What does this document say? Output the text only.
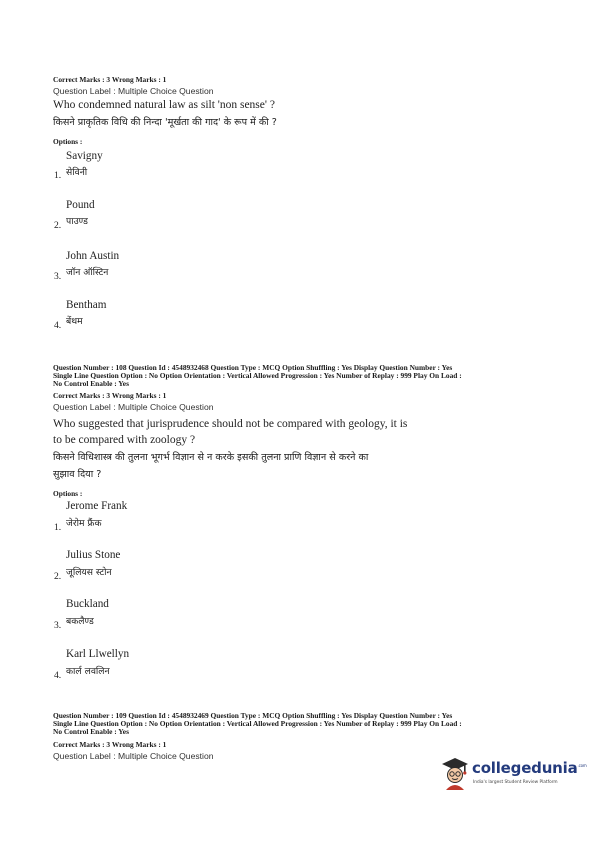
Correct Marks : 3 Wrong Marks : 1
Question Label : Multiple Choice Question
Who condemned natural law as silt 'non sense' ?
किसने प्राकृतिक विधि की निन्दा 'मूर्खता की गाद' के रूप में की ?
Options :
Savigny
1. सेविनी
Pound
2. पाउण्ड
John Austin
3. जॉन ऑस्टिन
Bentham
4. बेंथम
Question Number : 108 Question Id : 4548932468 Question Type : MCQ Option Shuffling : Yes Display Question Number : Yes
Single Line Question Option : No Option Orientation : Vertical Allowed Progression : Yes Number of Replay : 999 Play On Load :
No Control Enable : Yes
Correct Marks : 3 Wrong Marks : 1
Question Label : Multiple Choice Question
Who suggested that jurisprudence should not be compared with geology, it is
to be compared with zoology ?
किसने विधिशास्त्र की तुलना भूगर्भ विज्ञान से न करके इसकी तुलना प्राणि विज्ञान से करने का
सुझाव दिया ?
Options :
Jerome Frank
1. जेरोम फ्रैंक
Julius Stone
2. जूलियस स्टोन
Buckland
3. बकलैण्ड
Karl Llwellyn
4. कार्ल लवलिन
Question Number : 109 Question Id : 4548932469 Question Type : MCQ Option Shuffling : Yes Display Question Number : Yes
Single Line Question Option : No Option Orientation : Vertical Allowed Progression : Yes Number of Replay : 999 Play On Load :
No Control Enable : Yes
Correct Marks : 3 Wrong Marks : 1
Question Label : Multiple Choice Question
collegedunia$^{.com}$
India's largest Student Review Platform
